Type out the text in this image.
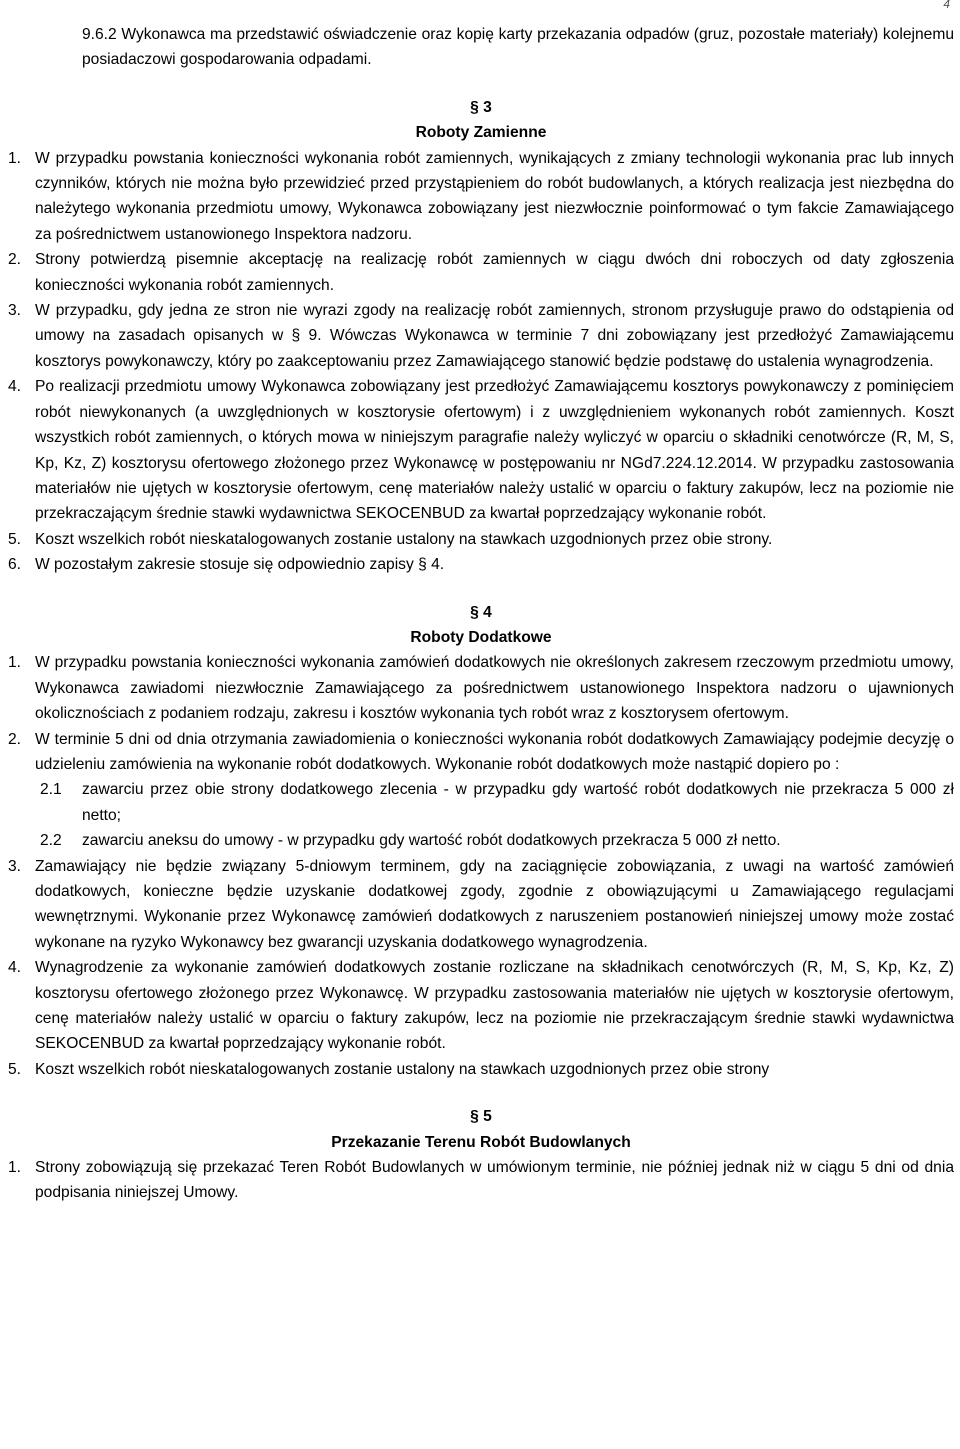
4
9.6.2 Wykonawca ma przedstawić oświadczenie oraz kopię karty przekazania odpadów (gruz, pozostałe materiały) kolejnemu posiadaczowi gospodarowania odpadami.
§ 3
Roboty Zamienne
1. W przypadku powstania konieczności wykonania robót zamiennych, wynikających z zmiany technologii wykonania prac lub innych czynników, których nie można było przewidzieć przed przystąpieniem do robót budowlanych, a których realizacja jest niezbędna do należytego wykonania przedmiotu umowy, Wykonawca zobowiązany jest niezwłocznie poinformować o tym fakcie Zamawiającego za pośrednictwem ustanowionego Inspektora nadzoru.
2. Strony potwierdzą pisemnie akceptację na realizację robót zamiennych w ciągu dwóch dni roboczych od daty zgłoszenia konieczności wykonania robót zamiennych.
3. W przypadku, gdy jedna ze stron nie wyrazi zgody na realizację robót zamiennych, stronom przysługuje prawo do odstąpienia od umowy na zasadach opisanych w § 9. Wówczas Wykonawca w terminie 7 dni zobowiązany jest przedłożyć Zamawiającemu kosztorys powykonawczy, który po zaakceptowaniu przez Zamawiającego stanowić będzie podstawę do ustalenia wynagrodzenia.
4. Po realizacji przedmiotu umowy Wykonawca zobowiązany jest przedłożyć Zamawiającemu kosztorys powykonawczy z pominięciem robót niewykonanych (a uwzględnionych w kosztorysie ofertowym) i z uwzględnieniem wykonanych robót zamiennych. Koszt wszystkich robót zamiennych, o których mowa w niniejszym paragrafie należy wyliczyć w oparciu o składniki cenotwórcze (R, M, S, Kp, Kz, Z) kosztorysu ofertowego złożonego przez Wykonawcę w postępowaniu nr NGd7.224.12.2014. W przypadku zastosowania materiałów nie ujętych w kosztorysie ofertowym, cenę materiałów należy ustalić w oparciu o faktury zakupów, lecz na poziomie nie przekraczającym średnie stawki wydawnictwa SEKOCENBUD za kwartał poprzedzający wykonanie robót.
5. Koszt wszelkich robót nieskatalogowanych zostanie ustalony na stawkach uzgodnionych przez obie strony.
6. W pozostałym zakresie stosuje się odpowiednio zapisy § 4.
§ 4
Roboty Dodatkowe
1. W przypadku powstania konieczności wykonania zamówień dodatkowych nie określonych zakresem rzeczowym przedmiotu umowy, Wykonawca zawiadomi niezwłocznie Zamawiającego za pośrednictwem ustanowionego Inspektora nadzoru o ujawnionych okolicznościach z podaniem rodzaju, zakresu i kosztów wykonania tych robót wraz z kosztorysem ofertowym.
2. W terminie 5 dni od dnia otrzymania zawiadomienia o konieczności wykonania robót dodatkowych Zamawiający podejmie decyzję o udzieleniu zamówienia na wykonanie robót dodatkowych. Wykonanie robót dodatkowych może nastąpić dopiero po :
2.1 zawarciu przez obie strony dodatkowego zlecenia - w przypadku gdy wartość robót dodatkowych nie przekracza 5 000 zł netto;
2.2 zawarciu aneksu do umowy - w przypadku gdy wartość robót dodatkowych przekracza 5 000 zł netto.
3. Zamawiający nie będzie związany 5-dniowym terminem, gdy na zaciągnięcie zobowiązania, z uwagi na wartość zamówień dodatkowych, konieczne będzie uzyskanie dodatkowej zgody, zgodnie z obowiązującymi u Zamawiającego regulacjami wewnętrznymi. Wykonanie przez Wykonawcę zamówień dodatkowych z naruszeniem postanowień niniejszej umowy może zostać wykonane na ryzyko Wykonawcy bez gwarancji uzyskania dodatkowego wynagrodzenia.
4. Wynagrodzenie za wykonanie zamówień dodatkowych zostanie rozliczane na składnikach cenotwórczych (R, M, S, Kp, Kz, Z) kosztorysu ofertowego złożonego przez Wykonawcę. W przypadku zastosowania materiałów nie ujętych w kosztorysie ofertowym, cenę materiałów należy ustalić w oparciu o faktury zakupów, lecz na poziomie nie przekraczającym średnie stawki wydawnictwa SEKOCENBUD za kwartał poprzedzający wykonanie robót.
5. Koszt wszelkich robót nieskatalogowanych zostanie ustalony na stawkach uzgodnionych przez obie strony
§ 5
Przekazanie Terenu Robót Budowlanych
1. Strony zobowiązują się przekazać Teren Robót Budowlanych w umówionym terminie, nie później jednak niż w ciągu 5 dni od dnia podpisania niniejszej Umowy.
